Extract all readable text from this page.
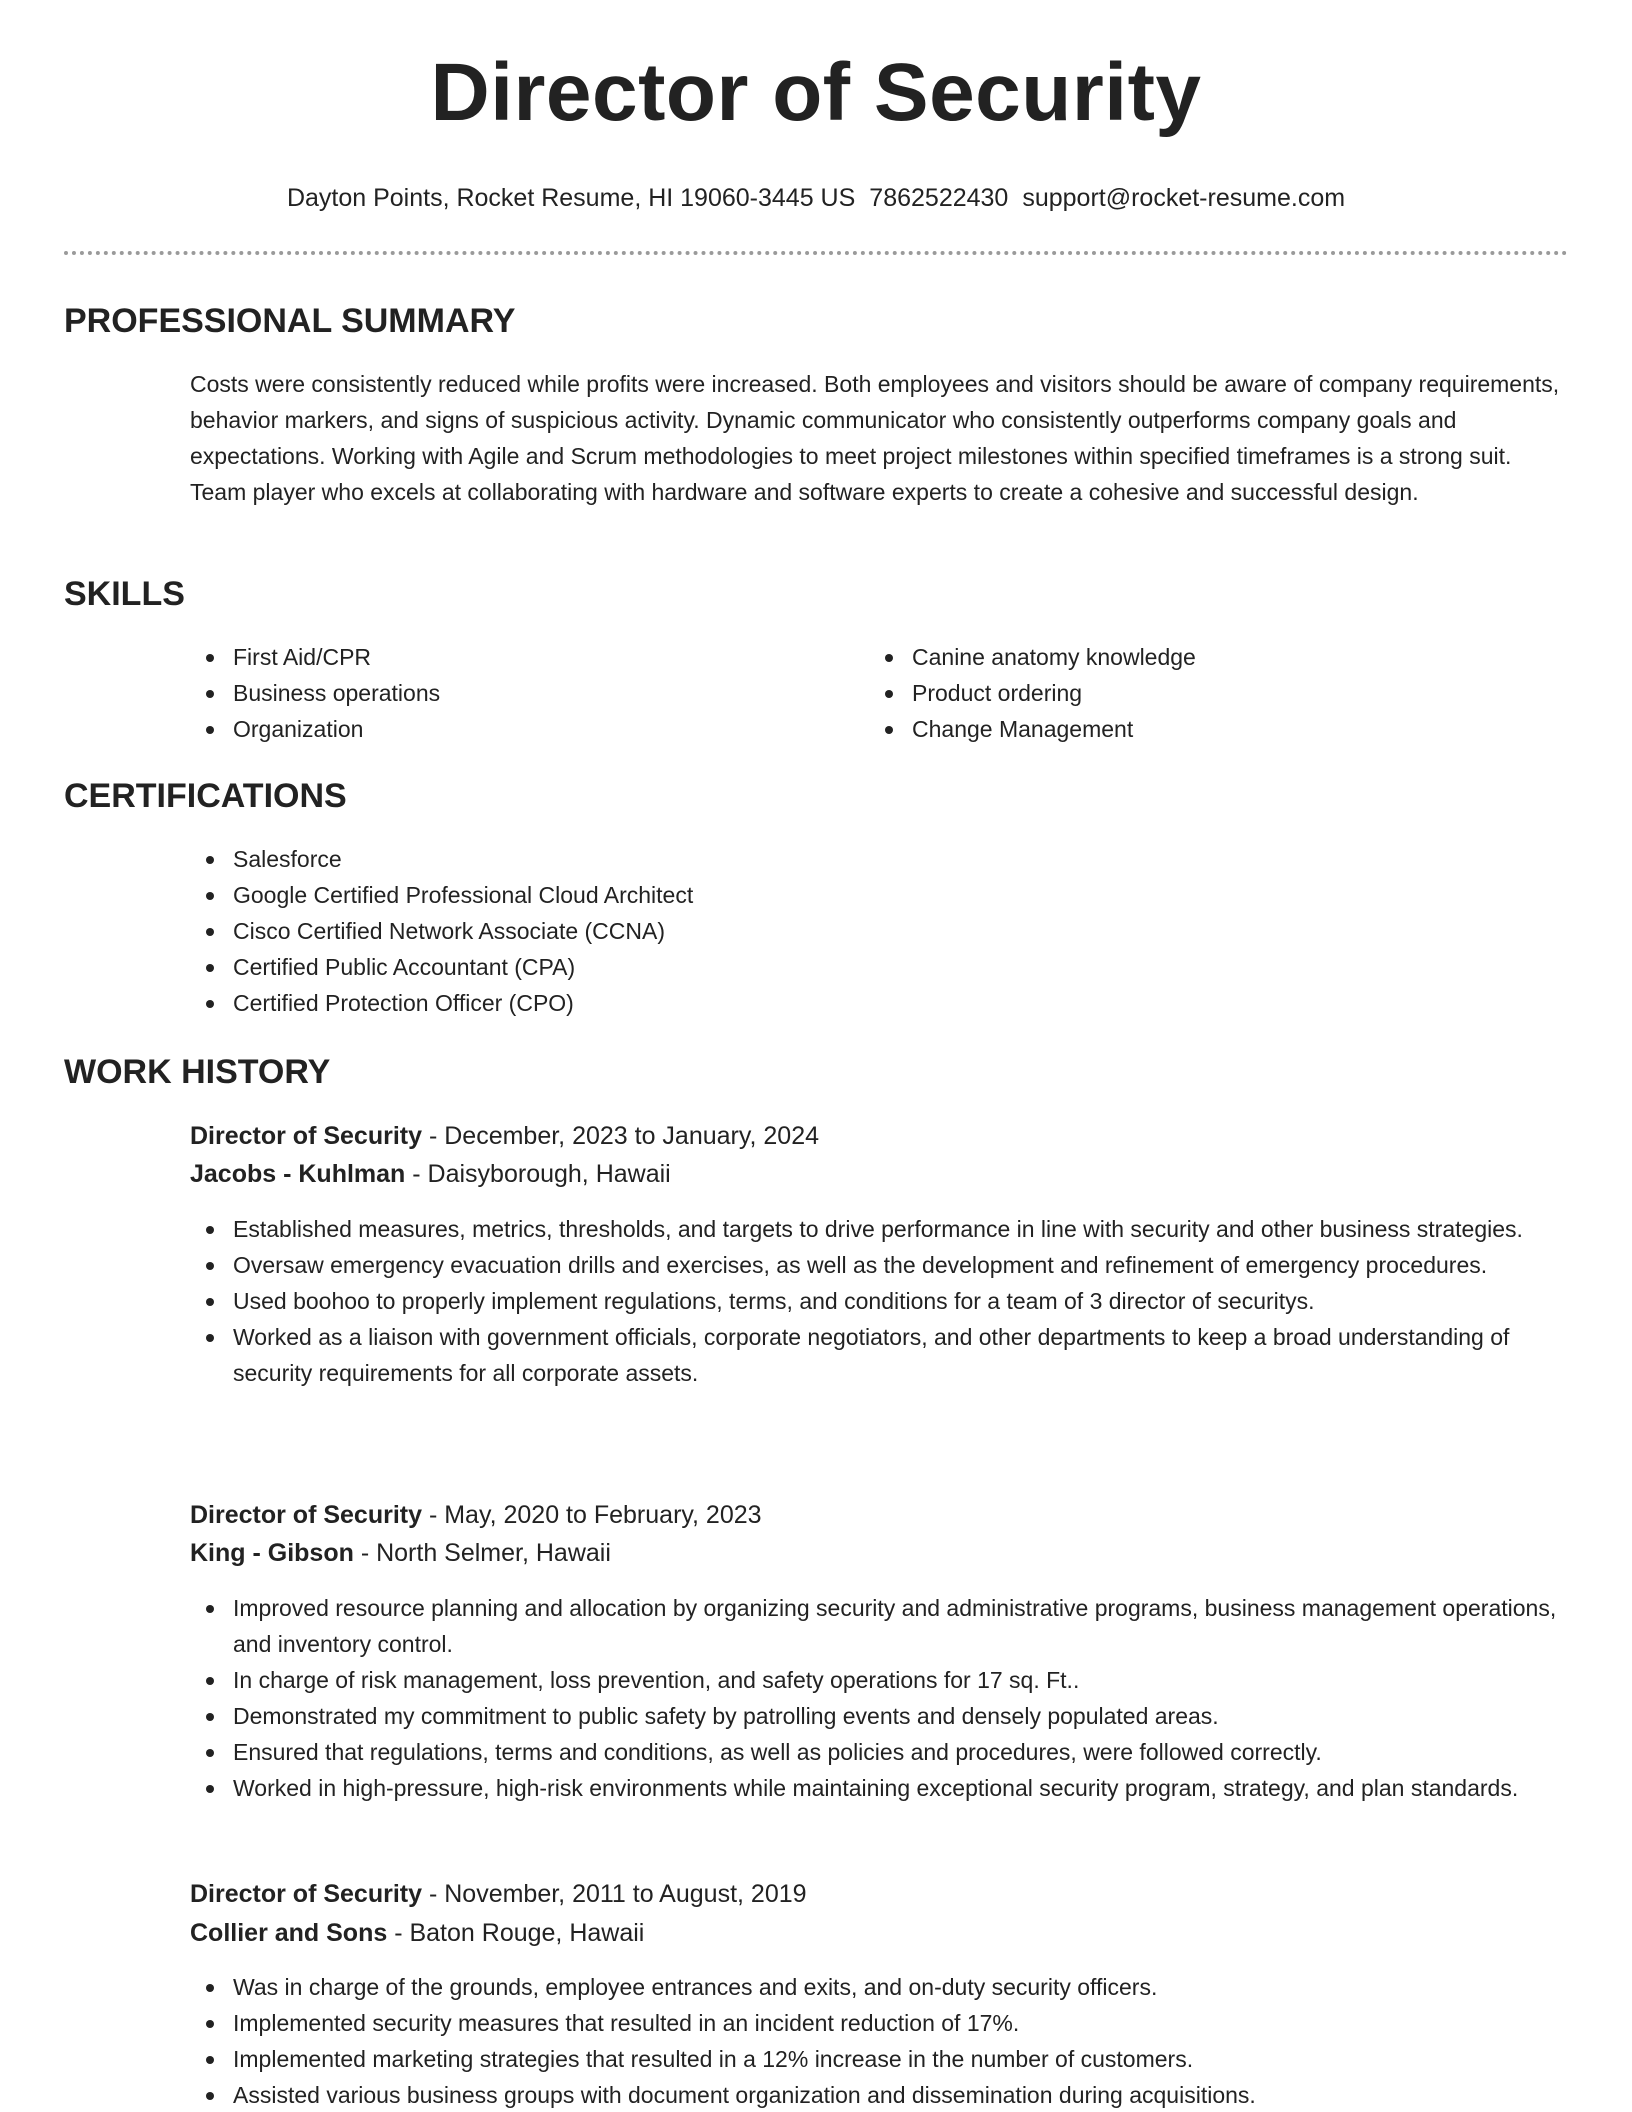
Director of Security
Dayton Points, Rocket Resume, HI 19060-3445 US 7862522430 support@rocket-resume.com
PROFESSIONAL SUMMARY

Costs were consistently reduced while profits were increased. Both employees and visitors should be aware of company requirements, behavior markers, and signs of suspicious activity. Dynamic communicator who consistently outperforms company goals and expectations. Working with Agile and Scrum methodologies to meet project milestones within specified timeframes is a strong suit. Team player who excels at collaborating with hardware and software experts to create a cohesive and successful design.

SKILLS
First Aid/CPR
Business operations
Organization
Canine anatomy knowledge
Product ordering
Change Management
CERTIFICATIONS
Salesforce
Google Certified Professional Cloud Architect
Cisco Certified Network Associate (CCNA)
Certified Public Accountant (CPA)
Certified Protection Officer (CPO)
WORK HISTORY
Director of Security - December, 2023 to January, 2024
Jacobs - Kuhlman - Daisyborough, Hawaii
Established measures, metrics, thresholds, and targets to drive performance in line with security and other business strategies.
Oversaw emergency evacuation drills and exercises, as well as the development and refinement of emergency procedures.
Used boohoo to properly implement regulations, terms, and conditions for a team of 3 director of securitys.
Worked as a liaison with government officials, corporate negotiators, and other departments to keep a broad understanding of security requirements for all corporate assets.
Director of Security - May, 2020 to February, 2023
King - Gibson - North Selmer, Hawaii
Improved resource planning and allocation by organizing security and administrative programs, business management operations, and inventory control.
In charge of risk management, loss prevention, and safety operations for 17 sq. Ft..
Demonstrated my commitment to public safety by patrolling events and densely populated areas.
Ensured that regulations, terms and conditions, as well as policies and procedures, were followed correctly.
Worked in high-pressure, high-risk environments while maintaining exceptional security program, strategy, and plan standards.
Director of Security - November, 2011 to August, 2019
Collier and Sons - Baton Rouge, Hawaii
Was in charge of the grounds, employee entrances and exits, and on-duty security officers.
Implemented security measures that resulted in an incident reduction of 17%.
Implemented marketing strategies that resulted in a 12% increase in the number of customers.
Assisted various business groups with document organization and dissemination during acquisitions.
